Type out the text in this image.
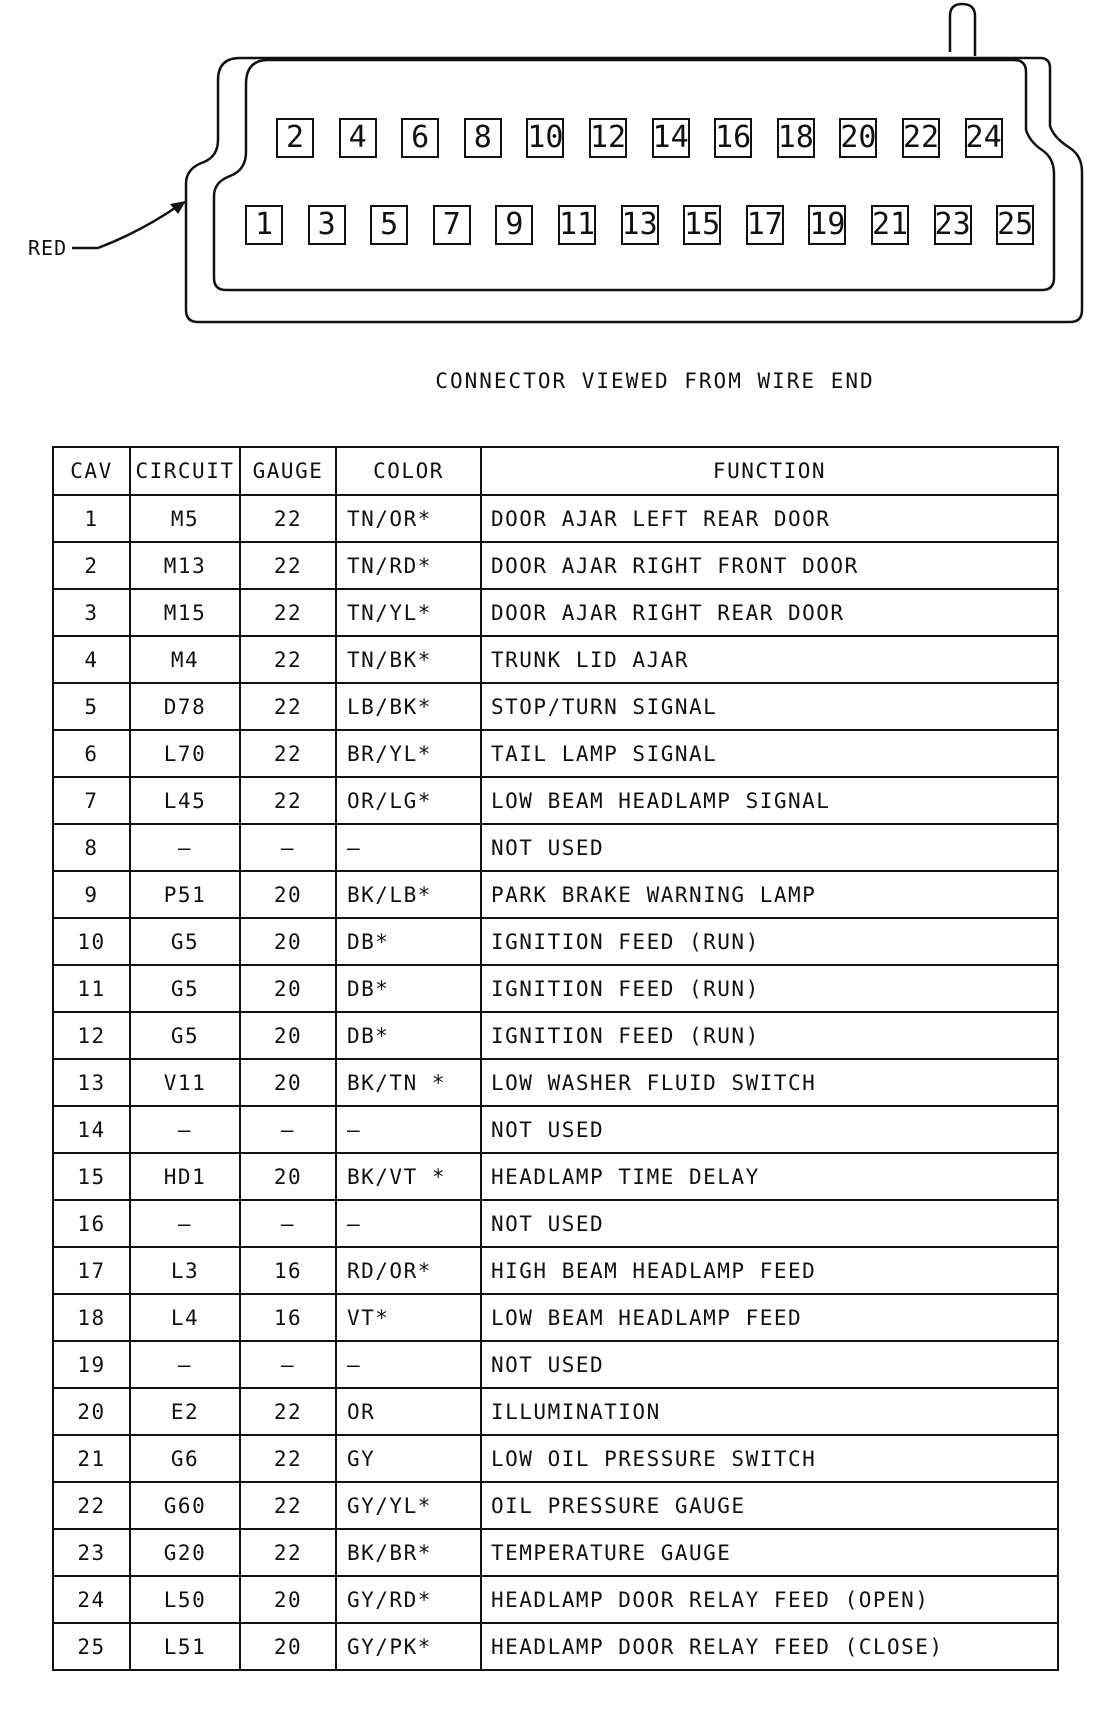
RED
2	4	6	8	10 12 14 16 18 20 22 24
1	3	5	7	9	11 13 15 17 19 21 23 25
CONNECTOR VIEWED FROM WIRE END
CAV	CIRCUIT	GAUGE	COLOR	FUNCTION
1	M5	22	TN/OR*	DOOR AJAR LEFT REAR DOOR
2	M13	22	TN/RD*	DOOR AJAR RIGHT FRONT DOOR
3	M15	22	TN/YL*	DOOR AJAR RIGHT REAR DOOR
4	M4	22	TN/BK*	TRUNK LID AJAR
5	D78	22	LB/BK*	STOP/TURN SIGNAL
6	L70	22	BR/YL*	TAIL LAMP SIGNAL
7	L45	22	OR/LG*	LOW BEAM HEADLAMP SIGNAL
8	—	—	—	NOT USED
9	P51	20	BK/LB*	PARK BRAKE WARNING LAMP
10	G5	20	DB*	IGNITION FEED (RUN)
11	G5	20	DB*	IGNITION FEED (RUN)
12	G5	20	DB*	IGNITION FEED (RUN)
13	V11	20	BK/TN *	LOW WASHER FLUID SWITCH
14	—	—	—	NOT USED
15	HD1	20	BK/VT *	HEADLAMP TIME DELAY
16	—	—	—	NOT USED
17	L3	16	RD/OR*	HIGH BEAM HEADLAMP FEED
18	L4	16	VT*	LOW BEAM HEADLAMP FEED
19	—	—	—	NOT USED
20	E2	22	OR	ILLUMINATION
21	G6	22	GY	LOW OIL PRESSURE SWITCH
22	G60	22	GY/YL*	OIL PRESSURE GAUGE
23	G20	22	BK/BR*	TEMPERATURE GAUGE
24	L50	20	GY/RD*	HEADLAMP DOOR RELAY FEED (OPEN)
25	L51	20	GY/PK*	HEADLAMP DOOR RELAY FEED (CLOSE)
